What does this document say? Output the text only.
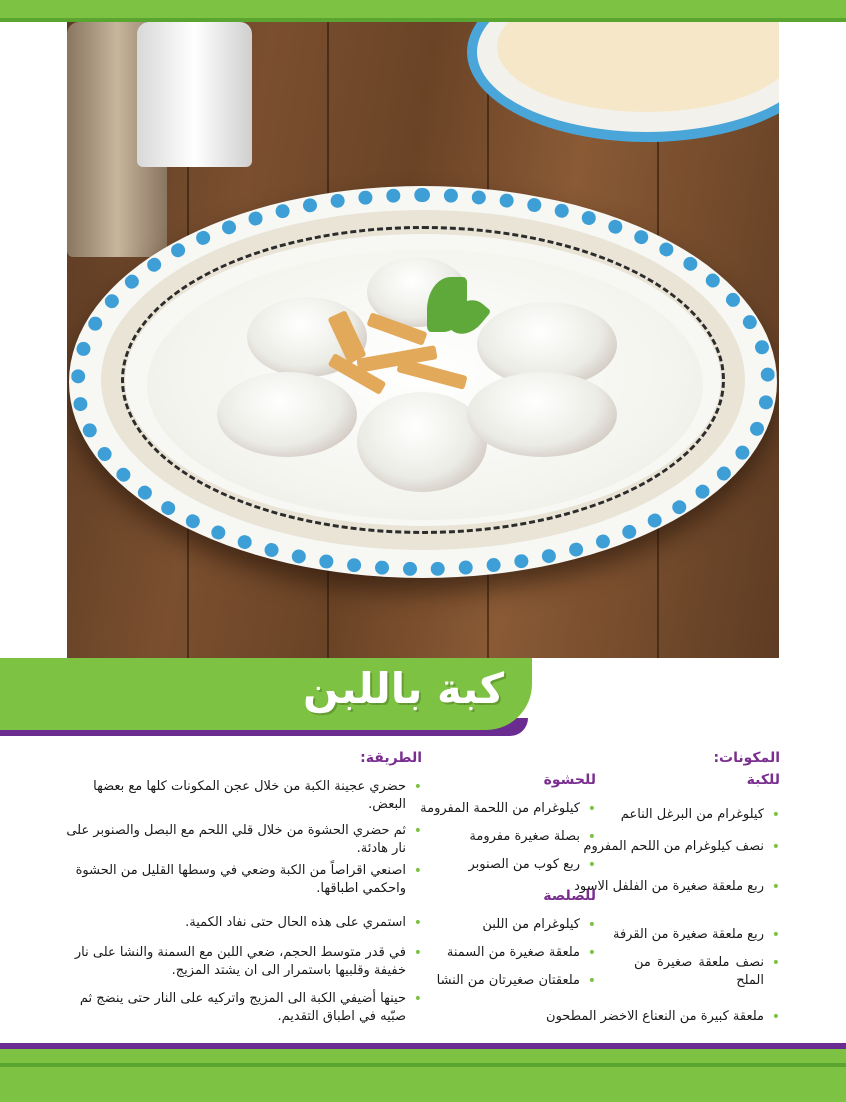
كبة باللبن
المكونات:
للكبة
• كيلوغرام من البرغل الناعم
• نصف كيلوغرام من اللحم المفروم
• ربع ملعقة صغيرة من الفلفل الاسود
• ربع ملعقة صغيرة من القرفة
• نصف ملعقة صغيرة من الملح
• ملعقة كبيرة من النعناع الاخضر المطحون
للحشوة
• كيلوغرام من اللحمة المفرومة
• بصلة صغيرة مفرومة
• ربع كوب من الصنوبر
للصلصة
• كيلوغرام من اللبن
• ملعقة صغيرة من السمنة
• ملعقتان صغيرتان من النشا
الطريقة:
• حضري عجينة الكبة من خلال عجن المكونات كلها مع بعضها البعض.
• ثم حضري الحشوة من خلال قلي اللحم مع البصل والصنوبر على نار هادئة.
• اصنعي اقراصاً من الكبة وضعي في وسطها القليل من الحشوة واحكمي اطباقها.
• استمري على هذه الحال حتى نفاد الكمية.
• في قدر متوسط الحجم، ضعي اللبن مع السمنة والنشا على نار خفيفة وقلبيها باستمرار الى ان يشتد المزيج.
• حينها أضيفي الكبة الى المزيج واتركيه على النار حتى ينضج ثم صبّيه في اطباق التقديم.
